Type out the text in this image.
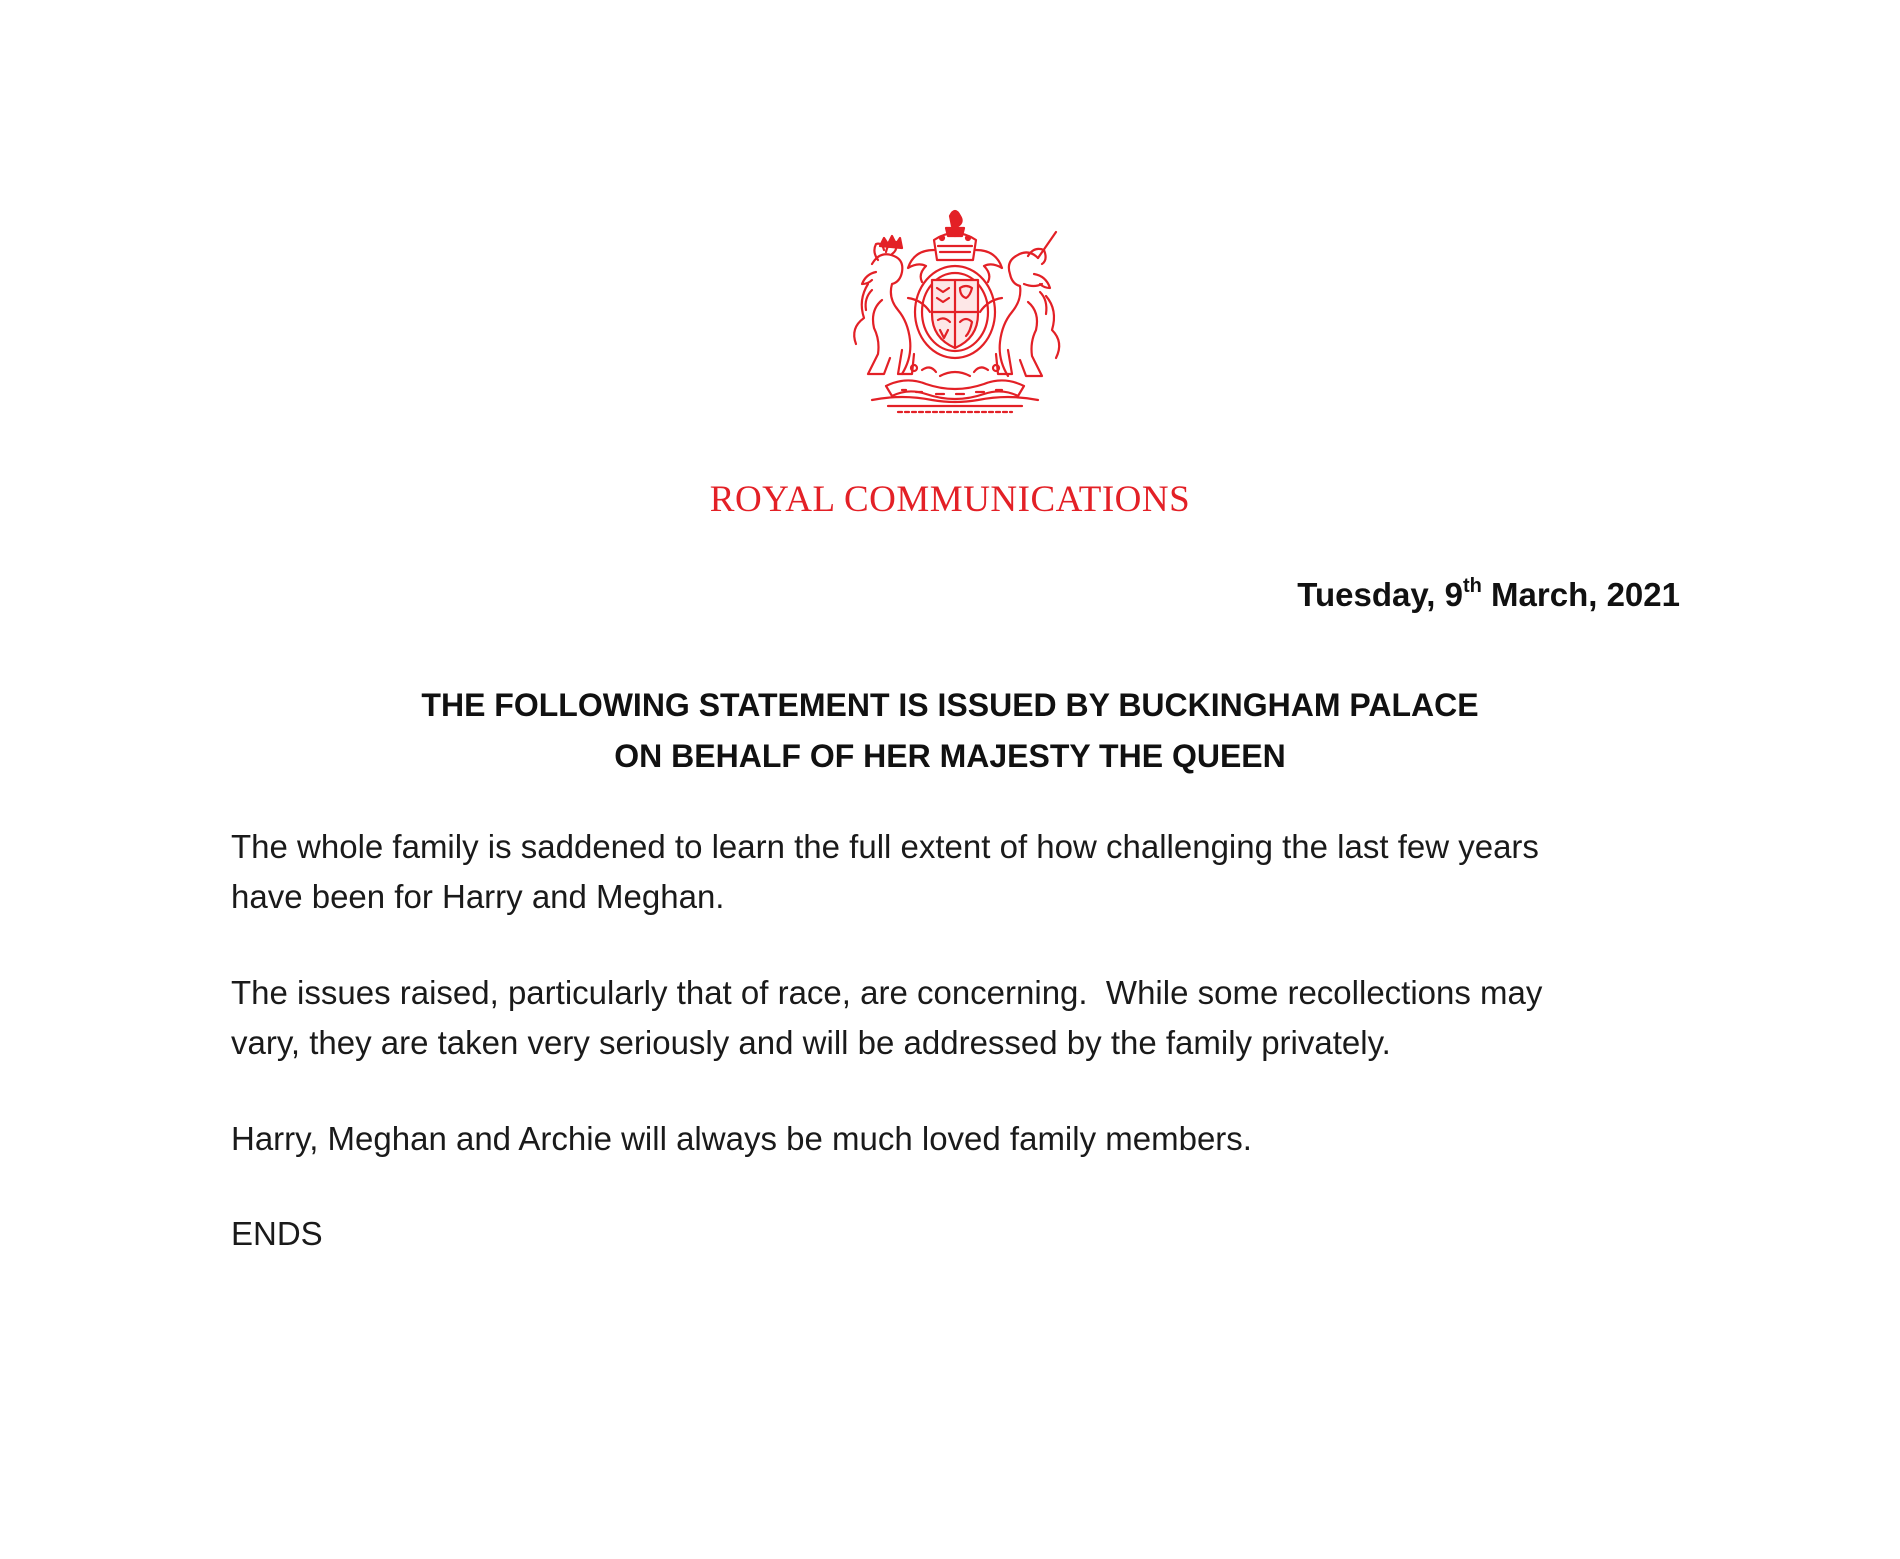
ROYAL COMMUNICATIONS
Tuesday, 9th March, 2021
THE FOLLOWING STATEMENT IS ISSUED BY BUCKINGHAM PALACE
ON BEHALF OF HER MAJESTY THE QUEEN
The whole family is saddened to learn the full extent of how challenging the last few years
have been for Harry and Meghan.
The issues raised, particularly that of race, are concerning.  While some recollections may
vary, they are taken very seriously and will be addressed by the family privately.
Harry, Meghan and Archie will always be much loved family members.
ENDS
